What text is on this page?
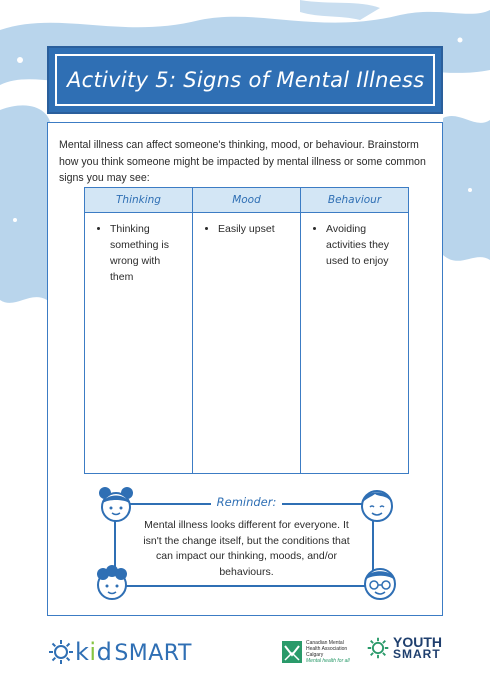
Activity 5: Signs of Mental Illness
Mental illness can affect someone's thinking, mood, or behaviour. Brainstorm how you think someone might be impacted by mental illness or some common signs you may see:
Thinking
• Thinking something is wrong with them
Mood
• Easily upset
Behaviour
• Avoiding activities they used to enjoy
Reminder:
Mental illness looks different for everyone. It isn't the change itself, but the conditions that can impact our thinking, moods, and/or behaviours.
kidSMART	Canadian Mental
Health Association
Calgary
Mental health for all
YOUTH
SMART
